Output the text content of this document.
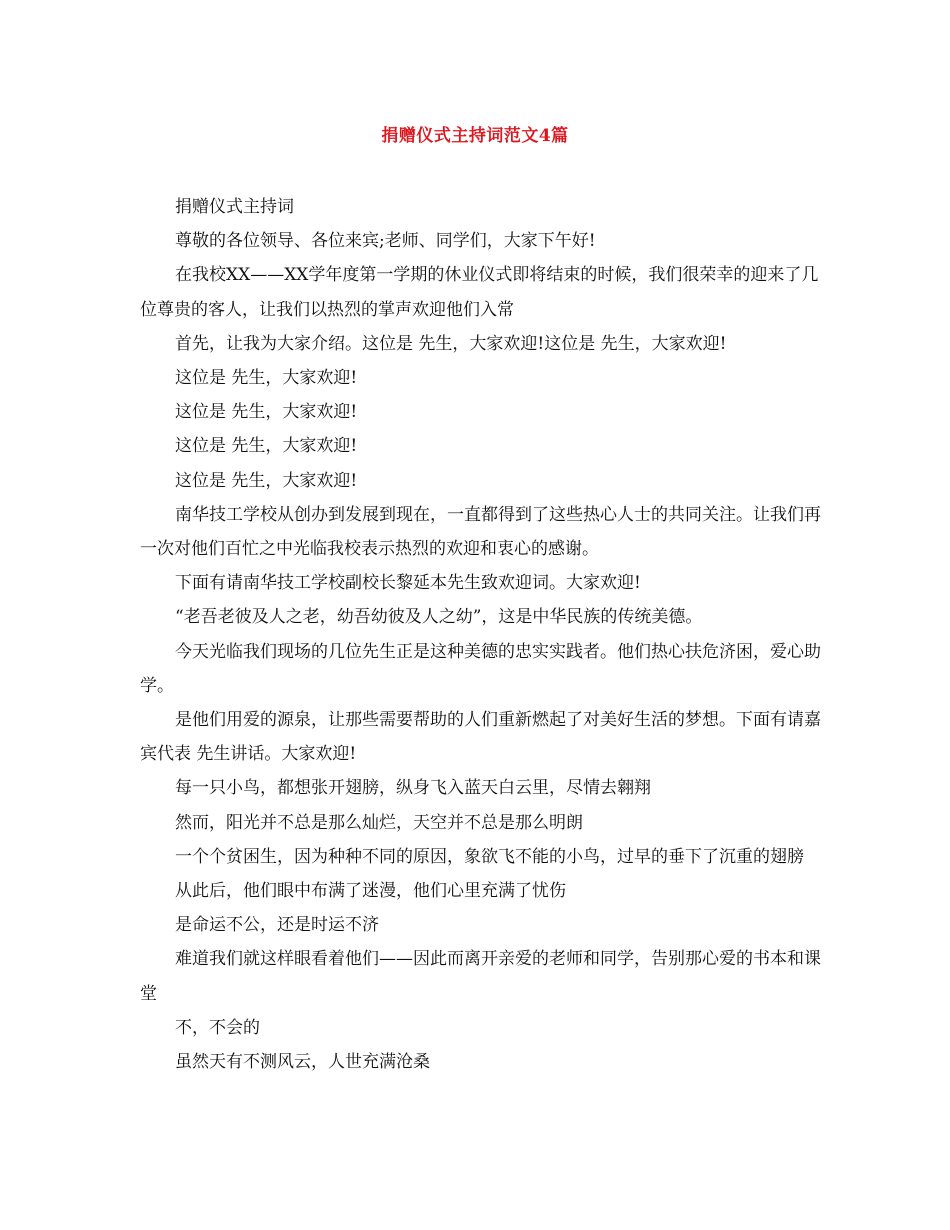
捐赠仪式主持词范文4篇

捐赠仪式主持词

尊敬的各位领导、各位来宾;老师、同学们，大家下午好!

在我校XX——XX学年度第一学期的休业仪式即将结束的时候，我们很荣幸的迎来了几位尊贵的客人，让我们以热烈的掌声欢迎他们入常

首先，让我为大家介绍。这位是 先生，大家欢迎!这位是 先生，大家欢迎!

这位是 先生，大家欢迎!

这位是 先生，大家欢迎!

这位是 先生，大家欢迎!

这位是 先生，大家欢迎!

南华技工学校从创办到发展到现在，一直都得到了这些热心人士的共同关注。让我们再一次对他们百忙之中光临我校表示热烈的欢迎和衷心的感谢。

下面有请南华技工学校副校长黎延本先生致欢迎词。大家欢迎!

“老吾老彼及人之老，幼吾幼彼及人之幼”，这是中华民族的传统美德。

今天光临我们现场的几位先生正是这种美德的忠实实践者。他们热心扶危济困，爱心助学。

是他们用爱的源泉，让那些需要帮助的人们重新燃起了对美好生活的梦想。下面有请嘉宾代表 先生讲话。大家欢迎!

每一只小鸟，都想张开翅膀，纵身飞入蓝天白云里，尽情去翱翔

然而，阳光并不总是那么灿烂，天空并不总是那么明朗

一个个贫困生，因为种种不同的原因，象欲飞不能的小鸟，过早的垂下了沉重的翅膀

从此后，他们眼中布满了迷漫，他们心里充满了忧伤

是命运不公，还是时运不济

难道我们就这样眼看着他们——因此而离开亲爱的老师和同学，告别那心爱的书本和课堂

不，不会的

虽然天有不测风云，人世充满沧桑
